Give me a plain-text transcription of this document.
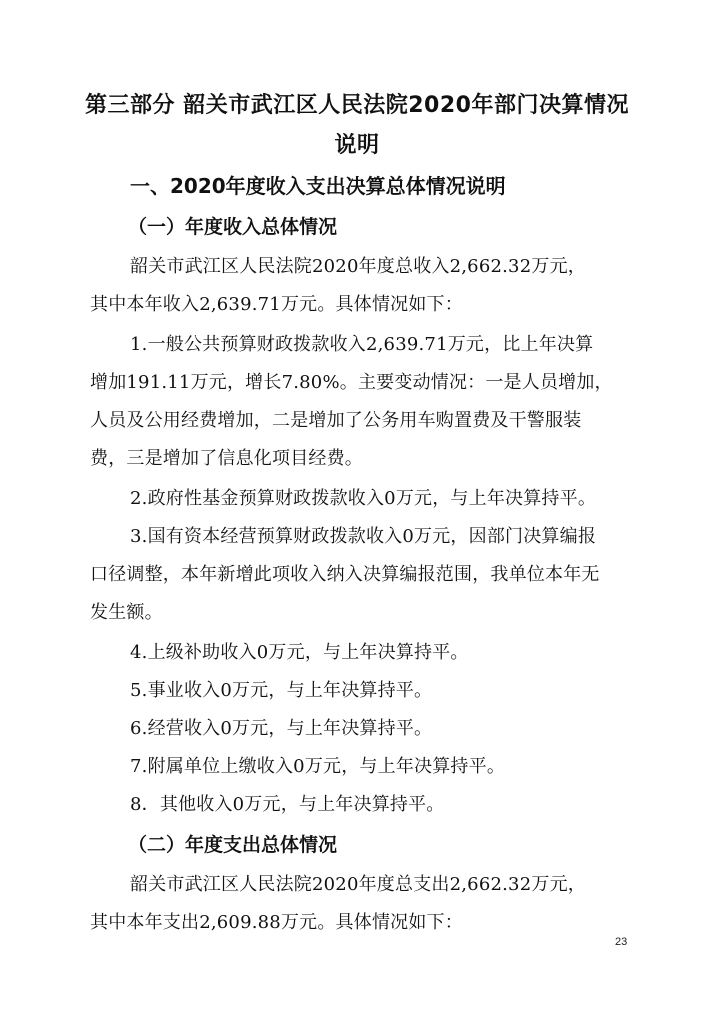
第三部分 韶关市武江区人民法院2020年部门决算情况
说明
一、2020年度收入支出决算总体情况说明
（一）年度收入总体情况
韶关市武江区人民法院2020年度总收入2,662.32万元，
其中本年收入2,639.71万元。具体情况如下：
1.一般公共预算财政拨款收入2,639.71万元，比上年决算
增加191.11万元，增长7.80%。主要变动情况：一是人员增加，
人员及公用经费增加，二是增加了公务用车购置费及干警服装
费，三是增加了信息化项目经费。
2.政府性基金预算财政拨款收入0万元，与上年决算持平。
3.国有资本经营预算财政拨款收入0万元，因部门决算编报
口径调整，本年新增此项收入纳入决算编报范围，我单位本年无
发生额。
4.上级补助收入0万元，与上年决算持平。
5.事业收入0万元，与上年决算持平。
6.经营收入0万元，与上年决算持平。
7.附属单位上缴收入0万元，与上年决算持平。
8．其他收入0万元，与上年决算持平。
（二）年度支出总体情况
韶关市武江区人民法院2020年度总支出2,662.32万元，
其中本年支出2,609.88万元。具体情况如下：
23
